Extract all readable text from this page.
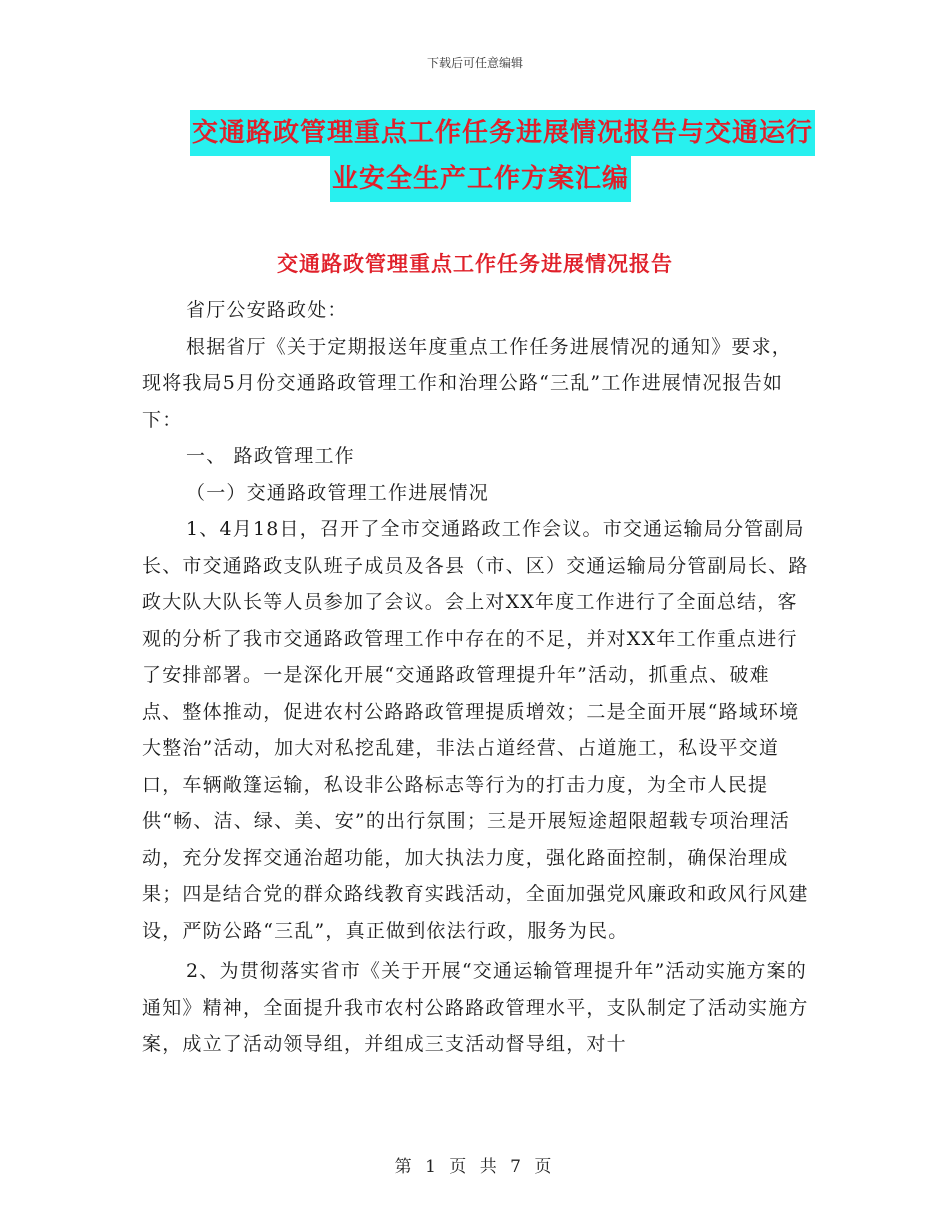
下载后可任意编辑
交通路政管理重点工作任务进展情况报告与交通运行
业安全生产工作方案汇编
交通路政管理重点工作任务进展情况报告

省厅公安路政处：

根据省厅《关于定期报送年度重点工作任务进展情况的通知》要求，现将我局5月份交通路政管理工作和治理公路“三乱”工作进展情况报告如下：

一、 路政管理工作

（一）交通路政管理工作进展情况

1、4月18日，召开了全市交通路政工作会议。市交通运输局分管副局长、市交通路政支队班子成员及各县（市、区）交通运输局分管副局长、路政大队大队长等人员参加了会议。会上对XX年度工作进行了全面总结，客观的分析了我市交通路政管理工作中存在的不足，并对XX年工作重点进行了安排部署。一是深化开展“交通路政管理提升年”活动，抓重点、破难点、整体推动，促进农村公路路政管理提质增效；二是全面开展“路域环境大整治”活动，加大对私挖乱建，非法占道经营、占道施工，私设平交道口，车辆敞篷运输，私设非公路标志等行为的打击力度，为全市人民提供“畅、洁、绿、美、安”的出行氛围；三是开展短途超限超载专项治理活动，充分发挥交通治超功能，加大执法力度，强化路面控制，确保治理成果；四是结合党的群众路线教育实践活动，全面加强党风廉政和政风行风建设，严防公路“三乱”，真正做到依法行政，服务为民。

2、为贯彻落实省市《关于开展“交通运输管理提升年”活动实施方案的通知》精神，全面提升我市农村公路路政管理水平，支队制定了活动实施方案，成立了活动领导组，并组成三支活动督导组，对十

第 1 页 共 7 页
